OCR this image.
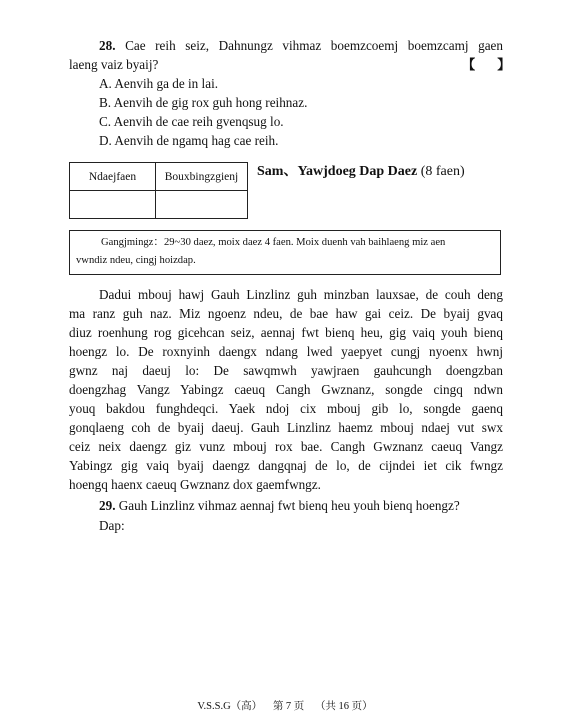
28. Cae reih seiz, Dahnungz vihmaz boemzcoemj boemzcamj gaen
laeng vaiz byaij?	【 】
A. Aenvih ga de in lai.
B. Aenvih de gig rox guh hong reihnaz.
C. Aenvih de cae reih gvenqsug lo.
D. Aenvih de ngamq hag cae reih.
Ndaejfaen	Bouxbingzgienj
	Sam、Yawjdoeg Dap Daez (8 faen)
Gangjmingz：29~30 daez, moix daez 4 faen. Moix duenh vah baihlaeng miz aen
vwndiz ndeu, cingj hoizdap.
Dadui mbouj hawj Gauh Linzlinz guh minzban lauxsae, de couh deng
ma ranz guh naz. Miz ngoenz ndeu, de bae haw gai ceiz. De byaij gvaq
diuz roenhung rog gicehcan seiz, aennaj fwt bienq heu, gig vaiq youh bienq
hoengz lo. De roxnyinh daengx ndang lwed yaepyet cungj nyoenx hwnj
gwnz naj daeuj lo: De sawqmwh yawjraen gauhcungh doengzban
doengzhag Vangz Yabingz caeuq Cangh Gwznanz, songde cingq ndwn
youq bakdou funghdeqci. Yaek ndoj cix mbouj gib lo, songde gaenq
gonqlaeng coh de byaij daeuj. Gauh Linzlinz haemz mbouj ndaej vut swx
ceiz neix daengz giz vunz mbouj rox bae. Cangh Gwznanz caeuq Vangz
Yabingz gig vaiq byaij daengz dangqnaj de lo, de cijndei iet cik fwngz
hoengq haenx caeuq Gwznanz dox gaemfwngz.
29. Gauh Linzlinz vihmaz aennaj fwt bienq heu youh bienq hoengz?
Dap:
V.S.S.G（高） 第 7 页 （共 16 页）
